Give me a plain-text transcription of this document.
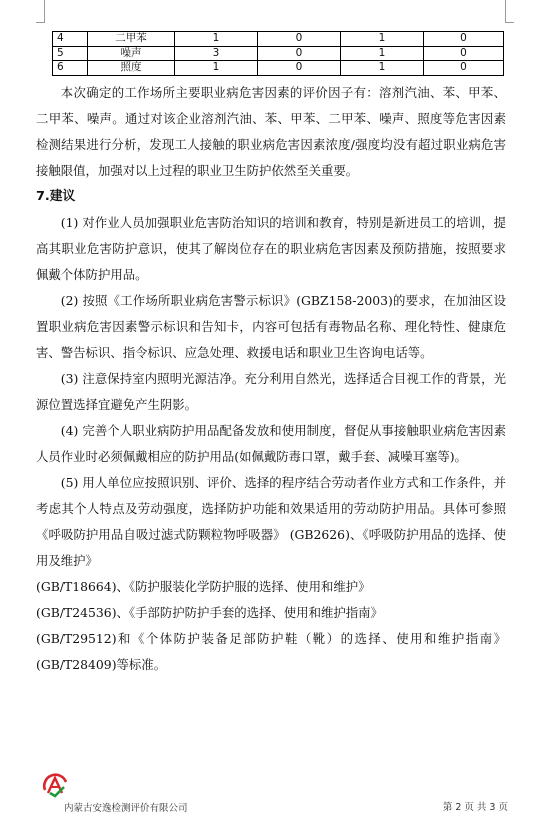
4	二甲苯	1	0	1	0
5	噪声	3	0	1	0
6	照度	1	0	1	0

本次确定的工作场所主要职业病危害因素的评价因子有：溶剂汽油、苯、甲苯、二甲苯、噪声。通过对该企业溶剂汽油、苯、甲苯、二甲苯、噪声、照度等危害因素检测结果进行分析，发现工人接触的职业病危害因素浓度/强度均没有超过职业病危害接触限值，加强对以上过程的职业卫生防护依然至关重要。

7.建议

(1) 对作业人员加强职业危害防治知识的培训和教育，特别是新进员工的培训，提高其职业危害防护意识，使其了解岗位存在的职业病危害因素及预防措施，按照要求佩戴个体防护用品。

(2) 按照《工作场所职业病危害警示标识》(GBZ158-2003)的要求，在加油区设置职业病危害因素警示标识和告知卡，内容可包括有毒物品名称、理化特性、健康危害、警告标识、指令标识、应急处理、救援电话和职业卫生咨询电话等。

(3) 注意保持室内照明光源洁净。充分利用自然光，选择适合目视工作的背景，光源位置选择宜避免产生阴影。

(4) 完善个人职业病防护用品配备发放和使用制度，督促从事接触职业病危害因素人员作业时必须佩戴相应的防护用品(如佩戴防毒口罩，戴手套、减噪耳塞等)。

(5) 用人单位应按照识别、评价、选择的程序结合劳动者作业方式和工作条件，并考虑其个人特点及劳动强度，选择防护功能和效果适用的劳动防护用品。具体可参照《呼吸防护用品自吸过滤式防颗粒物呼吸器》 (GB2626)、《呼吸防护用品的选择、使用及维护》

(GB/T18664)、《防护服装化学防护服的选择、使用和维护》

(GB/T24536)、《手部防护防护手套的选择、使用和维护指南》

(GB/T29512)和《个体防护装备足部防护鞋（靴）的选择、使用和维护指南》 (GB/T28409)等标准。

内蒙古安逸检测评价有限公司	第 2 页 共 3 页
